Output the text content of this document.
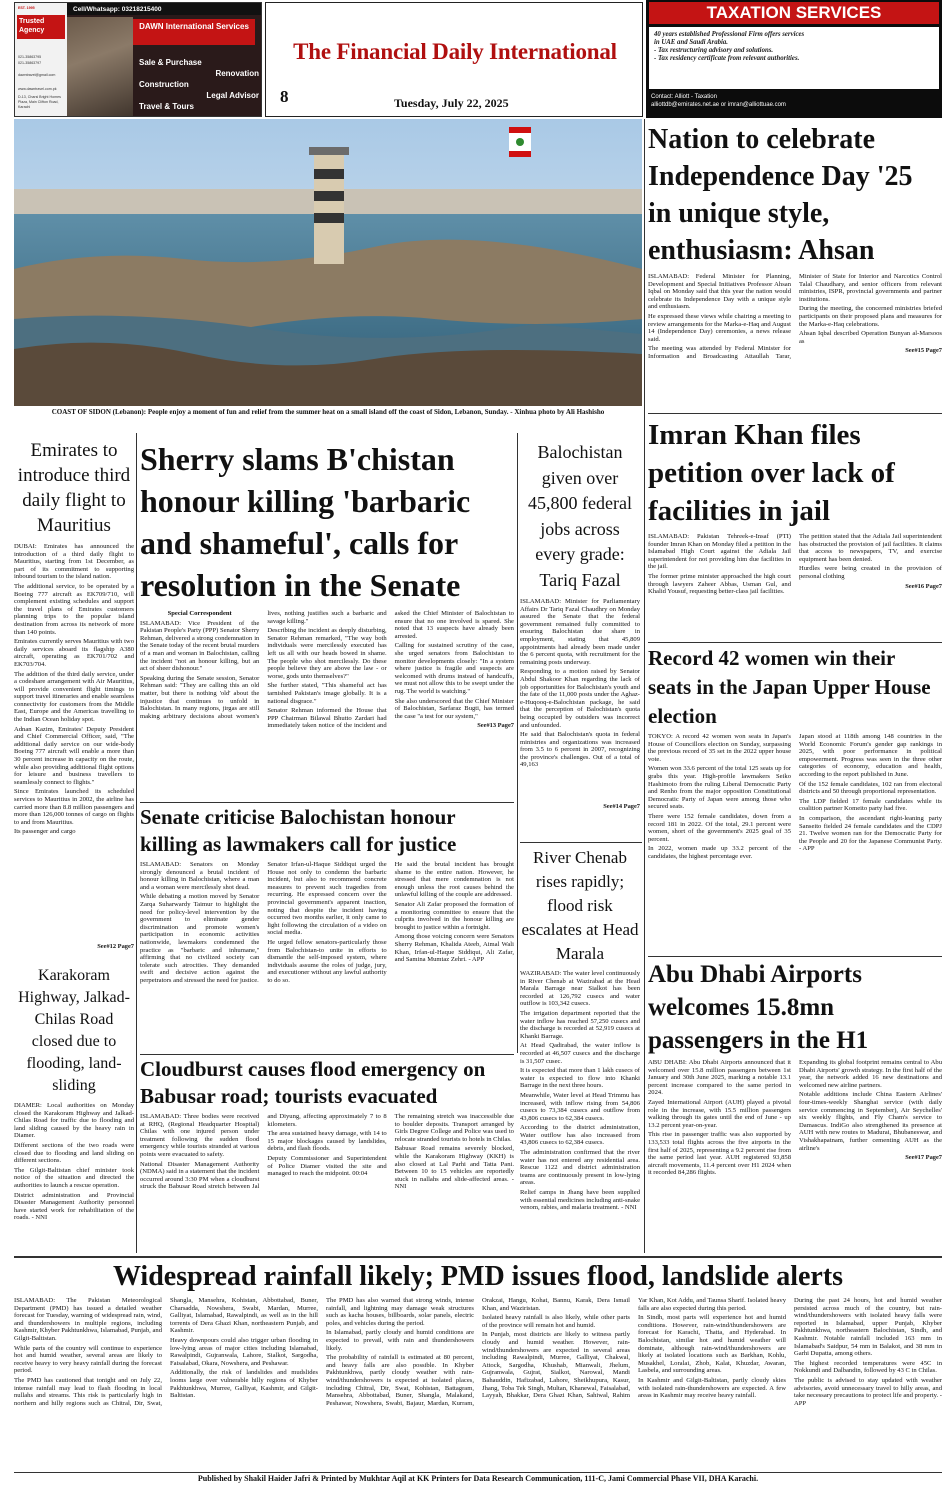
EST. 1995
Trusted Agency
021-35863795
021-35863797
dawntravel@gmail.com
www.dawntravel.com.pk
D-13, Charsi Bright Homes
Plaza, Main Clifton Road,
Karachi
Cell/Whatsapp: 03218215400
DAWN International Services
Sale & Purchase
Renovation
Construction
Legal Advisor
Travel & Tours
The Financial Daily International
8	Tuesday, July 22, 2025
TAXATION SERVICES
40 years established Professional Firm offers services
in UAE and Saudi Arabia.
- Tax restructuring advisory and solutions.
- Tax residency certificate from relevant authorities.
Contact: Alliott - Taxation
alliottdb@emirates.net.ae or imran@alliottuae.com
COAST OF SIDON (Lebanon): People enjoy a moment of fun and relief from the summer heat on a small island off the coast of Sidon, Lebanon, Sunday. - Xinhua photo by Ali Hashisho
Nation to celebrate Independence Day '25 in unique style, enthusiasm: Ahsan

ISLAMABAD: Federal Minister for Planning, Development and Special Initiatives Professor Ahsan Iqbal on Monday said that this year the nation would celebrate its Independence Day with a unique style and enthusiasm.

He expressed these views while chairing a meeting to review arrangements for the Marka-e-Haq and August 14 (Independence Day) ceremonies, a news release said.

The meeting was attended by Federal Minister for Information and Broadcasting Attaullah Tarar, Minister of State for Interior and Narcotics Control Talal Chaudhary, and senior officers from relevant ministries, ISPR, provincial governments and partner institutions.

During the meeting, the concerned ministries briefed participants on their proposed plans and measures for the Marka-e-Haq celebrations.

Ahsan Iqbal described Operation Bunyan al-Marsoos as

See#15 Page7
Imran Khan files petition over lack of facilities in jail

ISLAMABAD: Pakistan Tehreek-e-Insaf (PTI) founder Imran Khan on Monday filed a petition in the Islamabad High Court against the Adiala Jail superintendent for not providing him due facilities in the jail.

The former prime minister approached the high court through lawyers Zaheer Abbas, Usman Gul, and Khalid Yousuf, requesting better-class jail facilities.

The petition stated that the Adiala Jail superintendent has obstructed the provision of jail facilities. It claims that access to newspapers, TV, and exercise equipment has been denied.

Hurdles were being created in the provision of personal clothing

See#16 Page7
Record 42 women win their seats in the Japan Upper House election

TOKYO: A record 42 women won seats in Japan's House of Councillors election on Sunday, surpassing the previous record of 35 set in the 2022 upper house vote.

Women won 33.6 percent of the total 125 seats up for grabs this year. High-profile lawmakers Seiko Hashimoto from the ruling Liberal Democratic Party and Renho from the major opposition Constitutional Democratic Party of Japan were among those who secured seats.

There were 152 female candidates, down from a record 181 in 2022. Of the total, 29.1 percent were women, short of the government's 2025 goal of 35 percent.

In 2022, women made up 33.2 percent of the candidates, the highest percentage ever.

Japan stood at 118th among 148 countries in the World Economic Forum's gender gap rankings in 2025, with poor performance in political empowerment. Progress was seen in the three other categories of economy, education and health, according to the report published in June.

Of the 152 female candidates, 102 ran from electoral districts and 50 through proportional representation.

The LDP fielded 17 female candidates while its coalition partner Komeito party had five.

In comparison, the ascendant right-leaning party Sanseito fielded 24 female candidates and the CDPJ 21. Twelve women ran for the Democratic Party for the People and 20 for the Japanese Communist Party. - APP

Abu Dhabi Airports welcomes 15.8mn passengers in the H1

ABU DHABI: Abu Dhabi Airports announced that it welcomed over 15.8 million passengers between 1st January and 30th June 2025, marking a notable 13.1 percent increase compared to the same period in 2024.

Zayed International Airport (AUH) played a pivotal role in the increase, with 15.5 million passengers walking through its gates until the end of June - up 13.2 percent year-on-year.

This rise in passenger traffic was also supported by 133,533 total flights across the five airports in the first half of 2025, representing a 9.2 percent rise from the same period last year. AUH registered 93,858 aircraft movements, 11.4 percent over H1 2024 when it recorded 84,286 flights.

Expanding its global footprint remains central to Abu Dhabi Airports' growth strategy. In the first half of the year, the network added 16 new destinations and welcomed new airline partners.

Notable additions include China Eastern Airlines' four-times-weekly Shanghai service (with daily service commencing in September), Air Seychelles' six weekly flights, and Fly Cham's service to Damascus. IndiGo also strengthened its presence at AUH with new routes to Madurai, Bhubaneswar, and Vishakhapatnam, further cementing AUH as the airline's

See#17 Page7
Emirates to introduce third daily flight to Mauritius

DUBAI: Emirates has announced the introduction of a third daily flight to Mauritius, starting from 1st December, as part of its commitment to supporting inbound tourism to the island nation.

The additional service, to be operated by a Boeing 777 aircraft as EK709/710, will complement existing schedules and support the travel plans of Emirates customers planning trips to the popular island destination from across its network of more than 140 points.

Emirates currently serves Mauritius with two daily services aboard its flagship A380 aircraft, operating as EK701/702 and EK703/704.

The addition of the third daily service, under a codeshare arrangement with Air Mauritius, will provide convenient flight timings to support travel itineraries and enable seamless connectivity for customers from the Middle East, Europe and the Americas travelling to the Indian Ocean holiday spot.

Adnan Kazim, Emirates' Deputy President and Chief Commercial Officer, said, "The additional daily service on our wide-body Boeing 777 aircraft will enable a more than 30 percent increase in capacity on the route, while also providing additional flight options for leisure and business travellers to seamlessly connect to flights."

Since Emirates launched its scheduled services to Mauritius in 2002, the airline has carried more than 8.8 million passengers and more than 126,000 tonnes of cargo on flights to and from Mauritius.

Its passenger and cargo

See#12 Page7
Karakoram Highway, Jalkad-Chilas Road closed due to flooding, land-sliding

DIAMER: Local authorities on Monday closed the Karakoram Highway and Jalkad-Chilas Road for traffic due to flooding and land sliding caused by the heavy rain in Diamer.

Different sections of the two roads were closed due to flooding and land sliding on different sections.

The Gilgit-Baltistan chief minister took notice of the situation and directed the authorities to launch a rescue operation.

District administration and Provincial Disaster Management Authority personnel have started work for rehabilitation of the roads. - NNI

Sherry slams B'chistan honour killing 'barbaric and shameful', calls for resolution in the Senate

Special Correspondent

ISLAMABAD: Vice President of the Pakistan People's Party (PPP) Senator Sherry Rehman, delivered a strong condemnation in the Senate today of the recent brutal murders of a man and woman in Balochistan, calling the incident "not an honour killing, but an act of sheer dishonour."

Speaking during the Senate session, Senator Rehman said: "They are calling this an old matter, but there is nothing 'old' about the injustice that continues to unfold in Balochistan. In many regions, jirgas are still making arbitrary decisions about women's lives, nothing justifies such a barbaric and savage killing."

Describing the incident as deeply disturbing, Senator Rehman remarked, "The way both individuals were mercilessly executed has left us all with our heads bowed in shame. The people who shot mercilessly. Do these people believe they are above the law - or worse, gods unto themselves?"

She further stated, "This shameful act has tarnished Pakistan's image globally. It is a national disgrace."

Senator Rehman informed the House that PPP Chairman Bilawal Bhutto Zardari had immediately taken notice of the incident and asked the Chief Minister of Balochistan to ensure that no one involved is spared. She noted that 13 suspects have already been arrested.

Calling for sustained scrutiny of the case, she urged senators from Balochistan to monitor developments closely: "In a system where justice is fragile and suspects are welcomed with drums instead of handcuffs, we must not allow this to be swept under the rug. The world is watching."

She also underscored that the Chief Minister of Balochistan, Sarfaraz Bugti, has termed the case "a test for our system,"

See#13 Page7
Balochistan given over 45,800 federal jobs across every grade: Tariq Fazal

ISLAMABAD: Minister for Parliamentary Affairs Dr Tariq Fazal Chaudhry on Monday assured the Senate that the federal government remained fully committed to ensuring Balochistan due share in employment, stating that 45,809 appointments had already been made under the 6 percent quota, with recruitment for the remaining posts underway.

Responding to a motion raised by Senator Abdul Shakoor Khan regarding the lack of job opportunities for Balochistan's youth and the fate of the 11,000 posts under the Aghaz-e-Huqooq-e-Balochistan package, he said that the perception of Balochistan's quota being occupied by outsiders was incorrect and unfounded.

He said that Balochistan's quota in federal ministries and organizations was increased from 3.5 to 6 percent in 2007, recognizing the province's challenges. Out of a total of 49,163

See#14 Page7
Senate criticise Balochistan honour killing as lawmakers call for justice

ISLAMABAD: Senators on Monday strongly denounced a brutal incident of honour killing in Balochistan, where a man and a woman were mercilessly shot dead.

While debating a motion moved by Senator Zarqa Suharwardy Taimur to highlight the need for policy-level intervention by the government to eliminate gender discrimination and promote women's participation in economic activities nationwide, lawmakers condemned the practice as "barbaric and inhumane," affirming that no civilized society can tolerate such atrocities. They demanded swift and decisive action against the perpetrators and stressed the need for justice.

Senator Irfan-ul-Haque Siddiqui urged the House not only to condemn the barbaric incident, but also to recommend concrete measures to prevent such tragedies from recurring. He expressed concern over the provincial government's apparent inaction, noting that despite the incident having occurred two months earlier, it only came to light following the circulation of a video on social media.

He urged fellow senators-particularly those from Balochistan-to unite in efforts to dismantle the self-imposed system, where individuals assume the roles of judge, jury, and executioner without any lawful authority to do so.

He said the brutal incident has brought shame to the entire nation. However, he stressed that mere condemnation is not enough unless the root causes behind the unlawful killing of the couple are addressed.

Senator Ali Zafar proposed the formation of a monitoring committee to ensure that the culprits involved in the honour killing are brought to justice within a fortnight.

Among those voicing concern were Senators Sherry Rehman, Khalida Ateeb, Aimal Wali Khan, Irfan-ul-Haque Siddiqui, Ali Zafar, and Samina Mumtaz Zehri. - APP

River Chenab rises rapidly; flood risk escalates at Head Marala

WAZIRABAD: The water level continuously in River Chenab at Wazirabad at the Head Marala Barrage near Sialkot has been recorded at 126,792 cusecs and water outflow is 103,342 cusecs.

The irrigation department reported that the water inflow has reached 57,250 cusecs and the discharge is recorded at 52,919 cusecs at Khanki Barrage.

At Head Qadirabad, the water inflow is recorded at 46,507 cusecs and the discharge is 31,507 cusec.

It is expected that more than 1 lakh cusecs of water is expected to flow into Khanki Barrage in the next three hours.

Meanwhile, Water level at Head Trimmu has increased, with inflow rising from 54,806 cusecs to 73,384 cusecs and outflow from 43,806 cusecs to 62,384 cusecs.

According to the district administration, Water outflow has also increased from 43,806 cusecs to 62,384 cusecs.

The administration confirmed that the river water has not entered any residential area. Rescue 1122 and district administration teams are continuously present in low-lying areas.

Relief camps in Jhang have been supplied with essential medicines including anti-snake venom, rabies, and malaria treatment. - NNI

Cloudburst causes flood emergency on Babusar road; tourists evacuated

ISLAMABAD: Three bodies were received at RHQ, (Regional Headquarter Hospital) Chilas with one injured person under treatment following the sudden flood emergency while tourists stranded at various points were evacuated to safety.

National Disaster Management Authority (NDMA) said in a statement that the incident occurred around 3:30 PM when a cloudburst struck the Babusar Road stretch between Jal and Diyung, affecting approximately 7 to 8 kilometers.

The area sustained heavy damage, with 14 to 15 major blockages caused by landslides, debris, and flash floods.

Deputy Commissioner and Superintendent of Police Diamer visited the site and managed to reach the midpoint. 00:04

The remaining stretch was inaccessible due to boulder deposits. Transport arranged by Girls Degree College and Police was used to relocate stranded tourists to hotels in Chilas.

Babusar Road remains severely blocked, while the Karakoram Highway (KKH) is also closed at Lal Parhi and Tatta Pani. Between 10 to 15 vehicles are reportedly stuck in nallahs and slide-affected areas. - NNI

Widespread rainfall likely; PMD issues flood, landslide alerts

ISLAMABAD: The Pakistan Meteorological Department (PMD) has issued a detailed weather forecast for Tuesday, warning of widespread rain, wind, and thundershowers in multiple regions, including Kashmir, Khyber Pakhtunkhwa, Islamabad, Punjab, and Gilgit-Baltistan.

While parts of the country will continue to experience hot and humid weather, several areas are likely to receive heavy to very heavy rainfall during the forecast period.

The PMD has cautioned that tonight and on July 22, intense rainfall may lead to flash flooding in local nullahs and streams. This risk is particularly high in northern and hilly regions such as Chitral, Dir, Swat, Shangla, Mansehra, Kohistan, Abbottabad, Buner, Charsadda, Nowshera, Swabi, Mardan, Murree, Galliyat, Islamabad, Rawalpindi, as well as in the hill torrents of Dera Ghazi Khan, northeastern Punjab, and Kashmir.

Heavy downpours could also trigger urban flooding in low-lying areas of major cities including Islamabad, Rawalpindi, Gujranwala, Lahore, Sialkot, Sargodha, Faisalabad, Okara, Nowshera, and Peshawar.

Additionally, the risk of landslides and mudslides looms large over vulnerable hilly regions of Khyber Pakhtunkhwa, Murree, Galliyat, Kashmir, and Gilgit-Baltistan.

The PMD has also warned that strong winds, intense rainfall, and lightning may damage weak structures such as kacha houses, billboards, solar panels, electric poles, and vehicles during the period.

In Islamabad, partly cloudy and humid conditions are expected to prevail, with rain and thundershowers likely.

The probability of rainfall is estimated at 80 percent, and heavy falls are also possible. In Khyber Pakhtunkhwa, partly cloudy weather with rain-wind/thundershowers is expected at isolated places, including Chitral, Dir, Swat, Kohistan, Battagram, Mansehra, Abbottabad, Buner, Shangla, Malakand, Peshawar, Nowshera, Swabi, Bajaur, Mardan, Kurram, Orakzai, Hangu, Kohat, Bannu, Karak, Dera Ismail Khan, and Waziristan.

Isolated heavy rainfall is also likely, while other parts of the province will remain hot and humid.

In Punjab, most districts are likely to witness partly cloudy and humid weather. However, rain-wind/thundershowers are expected in several areas including Rawalpindi, Murree, Galliyat, Chakwal, Attock, Sargodha, Khushab, Mianwali, Jhelum, Gujranwala, Gujrat, Sialkot, Narowal, Mandi Bahauddin, Hafizabad, Lahore, Sheikhupura, Kasur, Jhang, Toba Tek Singh, Multan, Khanewal, Faisalabad, Layyah, Bhakkar, Dera Ghazi Khan, Sahiwal, Rahim Yar Khan, Kot Addu, and Taunsa Sharif. Isolated heavy falls are also expected during this period.

In Sindh, most parts will experience hot and humid conditions. However, rain-wind/thundershowers are forecast for Karachi, Thatta, and Hyderabad. In Balochistan, similar hot and humid weather will dominate, although rain-wind/thundershowers are likely at isolated locations such as Barkhan, Kohlu, Musakhel, Loralai, Zhob, Kalat, Khuzdar, Awaran, Lasbela, and surrounding areas.

In Kashmir and Gilgit-Baltistan, partly cloudy skies with isolated rain-thundershowers are expected. A few areas in Kashmir may receive heavy rainfall.

During the past 24 hours, hot and humid weather persisted across much of the country, but rain-wind/thundershowers with isolated heavy falls were reported in Islamabad, upper Punjab, Khyber Pakhtunkhwa, northeastern Balochistan, Sindh, and Kashmir. Notable rainfall included 163 mm in Islamabad's Saidpur, 54 mm in Balakot, and 38 mm in Garhi Dupatta, among others.

The highest recorded temperatures were 45C in Nokkundi and Dalbandin, followed by 43 C in Chilas.

The public is advised to stay updated with weather advisories, avoid unnecessary travel to hilly areas, and take necessary precautions to protect life and property. - APP

Published by Shakil Haider Jafri & Printed by Mukhtar Aqil at KK Printers for Data Research Communication, 111-C, Jami Commercial Phase VII, DHA Karachi.
